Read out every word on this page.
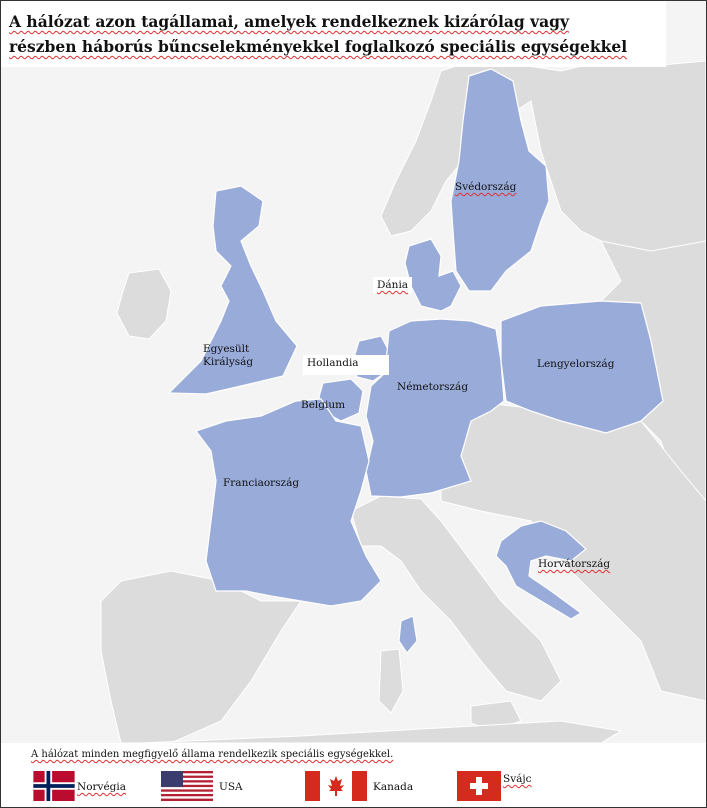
A hálózat azon tagállamai, amelyek rendelkeznek kizárólag vagy
részben háborús bűncselekményekkel foglalkozó speciális egységekkel
Svédország
Dánia
Egyesült
Királyság	Hollandia
Németország
Lengyelország
Belgium
Franciaország
Horvátország
A hálózat minden megfigyelő állama rendelkezik speciális egységekkel.
Norvégia	USA	Kanada
Svájc
